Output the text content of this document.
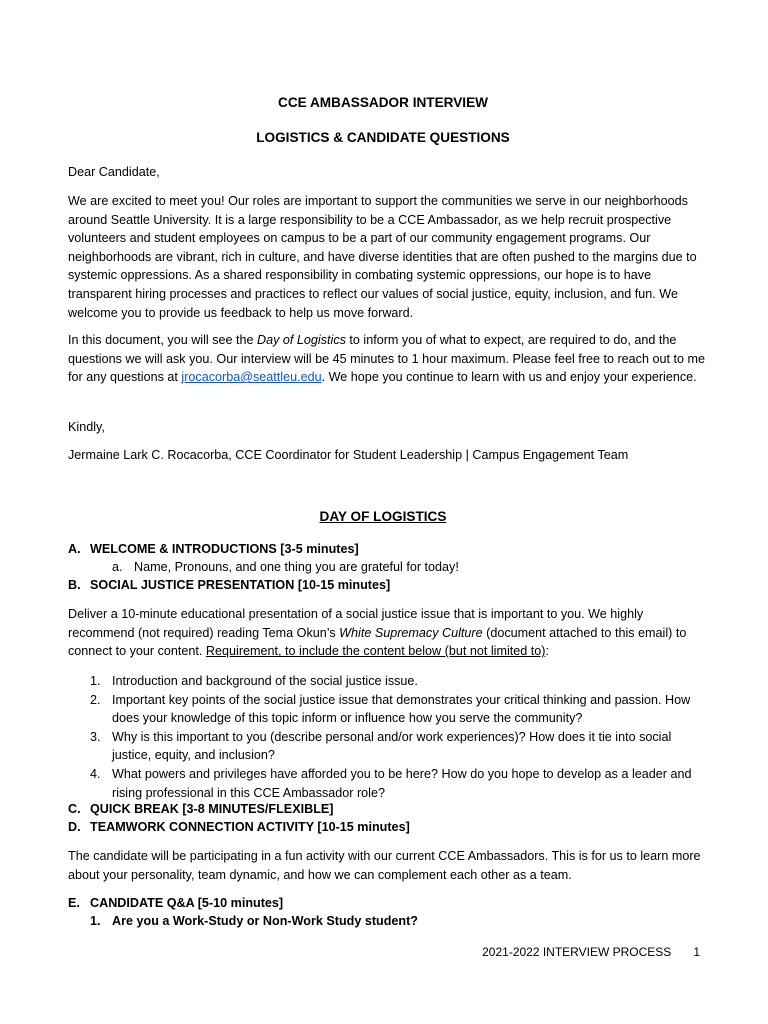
CCE AMBASSADOR INTERVIEW
LOGISTICS & CANDIDATE QUESTIONS
Dear Candidate,
We are excited to meet you! Our roles are important to support the communities we serve in our neighborhoods around Seattle University. It is a large responsibility to be a CCE Ambassador, as we help recruit prospective volunteers and student employees on campus to be a part of our community engagement programs. Our neighborhoods are vibrant, rich in culture, and have diverse identities that are often pushed to the margins due to systemic oppressions. As a shared responsibility in combating systemic oppressions, our hope is to have transparent hiring processes and practices to reflect our values of social justice, equity, inclusion, and fun. We welcome you to provide us feedback to help us move forward.
In this document, you will see the Day of Logistics to inform you of what to expect, are required to do, and the questions we will ask you. Our interview will be 45 minutes to 1 hour maximum. Please feel free to reach out to me for any questions at jrocacorba@seattleu.edu. We hope you continue to learn with us and enjoy your experience.
Kindly,
Jermaine Lark C. Rocacorba, CCE Coordinator for Student Leadership | Campus Engagement Team
DAY OF LOGISTICS
A. WELCOME & INTRODUCTIONS [3-5 minutes]
a. Name, Pronouns, and one thing you are grateful for today!
B. SOCIAL JUSTICE PRESENTATION [10-15 minutes]
Deliver a 10-minute educational presentation of a social justice issue that is important to you. We highly recommend (not required) reading Tema Okun’s White Supremacy Culture (document attached to this email) to connect to your content. Requirement, to include the content below (but not limited to):
1. Introduction and background of the social justice issue.
2. Important key points of the social justice issue that demonstrates your critical thinking and passion. How does your knowledge of this topic inform or influence how you serve the community?
3. Why is this important to you (describe personal and/or work experiences)? How does it tie into social justice, equity, and inclusion?
4. What powers and privileges have afforded you to be here? How do you hope to develop as a leader and rising professional in this CCE Ambassador role?
C. QUICK BREAK [3-8 MINUTES/FLEXIBLE]
D. TEAMWORK CONNECTION ACTIVITY [10-15 minutes]
The candidate will be participating in a fun activity with our current CCE Ambassadors. This is for us to learn more about your personality, team dynamic, and how we can complement each other as a team.
E. CANDIDATE Q&A [5-10 minutes]
1. Are you a Work-Study or Non-Work Study student?
2021-2022 INTERVIEW PROCESS 1
